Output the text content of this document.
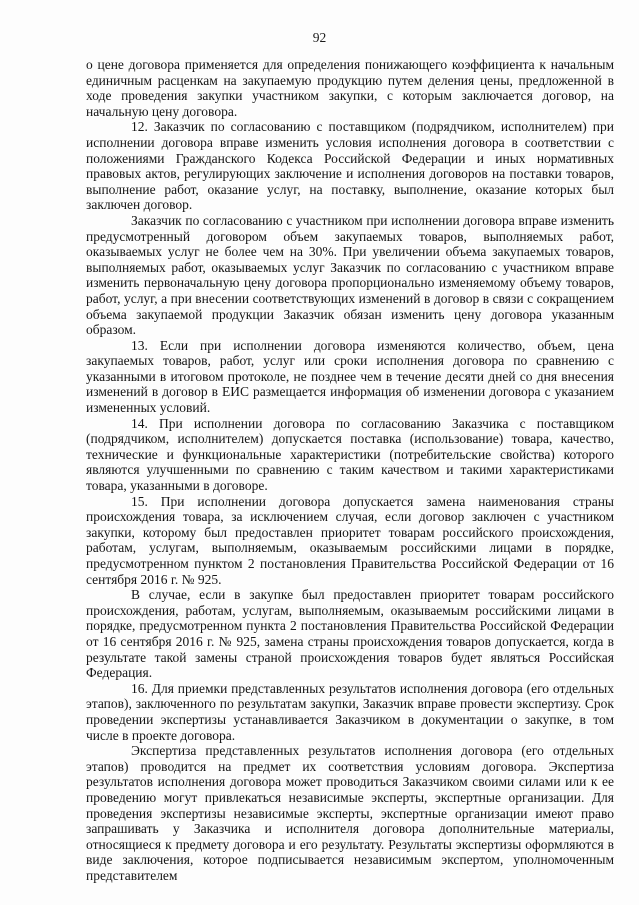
92

о цене договора применяется для определения понижающего коэффициента к начальным единичным расценкам на закупаемую продукцию путем деления цены, предложенной в ходе проведения закупки участником закупки, с которым заключается договор, на начальную цену договора.

12. Заказчик по согласованию с поставщиком (подрядчиком, исполнителем) при исполнении договора вправе изменить условия исполнения договора в соответствии с положениями Гражданского Кодекса Российской Федерации и иных нормативных правовых актов, регулирующих заключение и исполнения договоров на поставки товаров, выполнение работ, оказание услуг, на поставку, выполнение, оказание которых был заключен договор.

Заказчик по согласованию с участником при исполнении договора вправе изменить предусмотренный договором объем закупаемых товаров, выполняемых работ, оказываемых услуг не более чем на 30%. При увеличении объема закупаемых товаров, выполняемых работ, оказываемых услуг Заказчик по согласованию с участником вправе изменить первоначальную цену договора пропорционально изменяемому объему товаров, работ, услуг, а при внесении соответствующих изменений в договор в связи с сокращением объема закупаемой продукции Заказчик обязан изменить цену договора указанным образом.

13. Если при исполнении договора изменяются количество, объем, цена закупаемых товаров, работ, услуг или сроки исполнения договора по сравнению с указанными в итоговом протоколе, не позднее чем в течение десяти дней со дня внесения изменений в договор в ЕИС размещается информация об изменении договора с указанием измененных условий.

14. При исполнении договора по согласованию Заказчика с поставщиком (подрядчиком, исполнителем) допускается поставка (использование) товара, качество, технические и функциональные характеристики (потребительские свойства) которого являются улучшенными по сравнению с таким качеством и такими характеристиками товара, указанными в договоре.

15. При исполнении договора допускается замена наименования страны происхождения товара, за исключением случая, если договор заключен с участником закупки, которому был предоставлен приоритет товарам российского происхождения, работам, услугам, выполняемым, оказываемым российскими лицами в порядке, предусмотренном пунктом 2 постановления Правительства Российской Федерации от 16 сентября 2016 г. № 925.

В случае, если в закупке был предоставлен приоритет товарам российского происхождения, работам, услугам, выполняемым, оказываемым российскими лицами в порядке, предусмотренном пункта 2 постановления Правительства Российской Федерации от 16 сентября 2016 г. № 925, замена страны происхождения товаров допускается, когда в результате такой замены страной происхождения товаров будет являться Российская Федерация.

16. Для приемки представленных результатов исполнения договора (его отдельных этапов), заключенного по результатам закупки, Заказчик вправе провести экспертизу. Срок проведении экспертизы устанавливается Заказчиком в документации о закупке, в том числе в проекте договора.

Экспертиза представленных результатов исполнения договора (его отдельных этапов) проводится на предмет их соответствия условиям договора. Экспертиза результатов исполнения договора может проводиться Заказчиком своими силами или к ее проведению могут привлекаться независимые эксперты, экспертные организации. Для проведения экспертизы независимые эксперты, экспертные организации имеют право запрашивать у Заказчика и исполнителя договора дополнительные материалы, относящиеся к предмету договора и его результату. Результаты экспертизы оформляются в виде заключения, которое подписывается независимым экспертом, уполномоченным представителем
